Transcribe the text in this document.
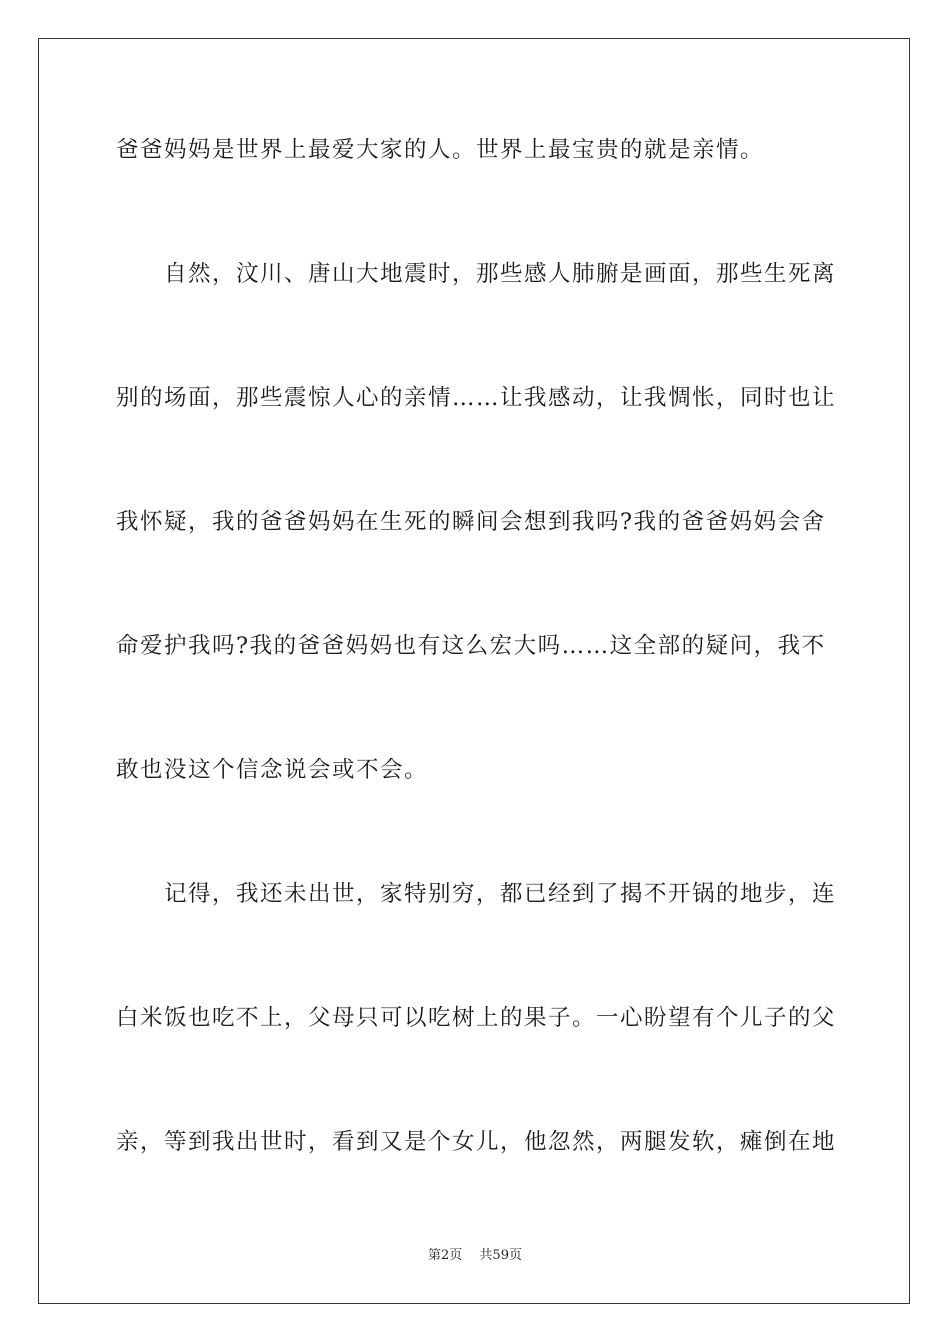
爸爸妈妈是世界上最爱大家的人。世界上最宝贵的就是亲情。
　　自然，汶川、唐山大地震时，那些感人肺腑是画面，那些生死离
别的场面，那些震惊人心的亲情……让我感动，让我惆怅，同时也让
我怀疑，我的爸爸妈妈在生死的瞬间会想到我吗?我的爸爸妈妈会舍
命爱护我吗?我的爸爸妈妈也有这么宏大吗……这全部的疑问，我不
敢也没这个信念说会或不会。
　　记得，我还未出世，家特别穷，都已经到了揭不开锅的地步，连
白米饭也吃不上，父母只可以吃树上的果子。一心盼望有个儿子的父
亲，等到我出世时，看到又是个女儿，他忽然，两腿发软，瘫倒在地
第2页　 共59页
